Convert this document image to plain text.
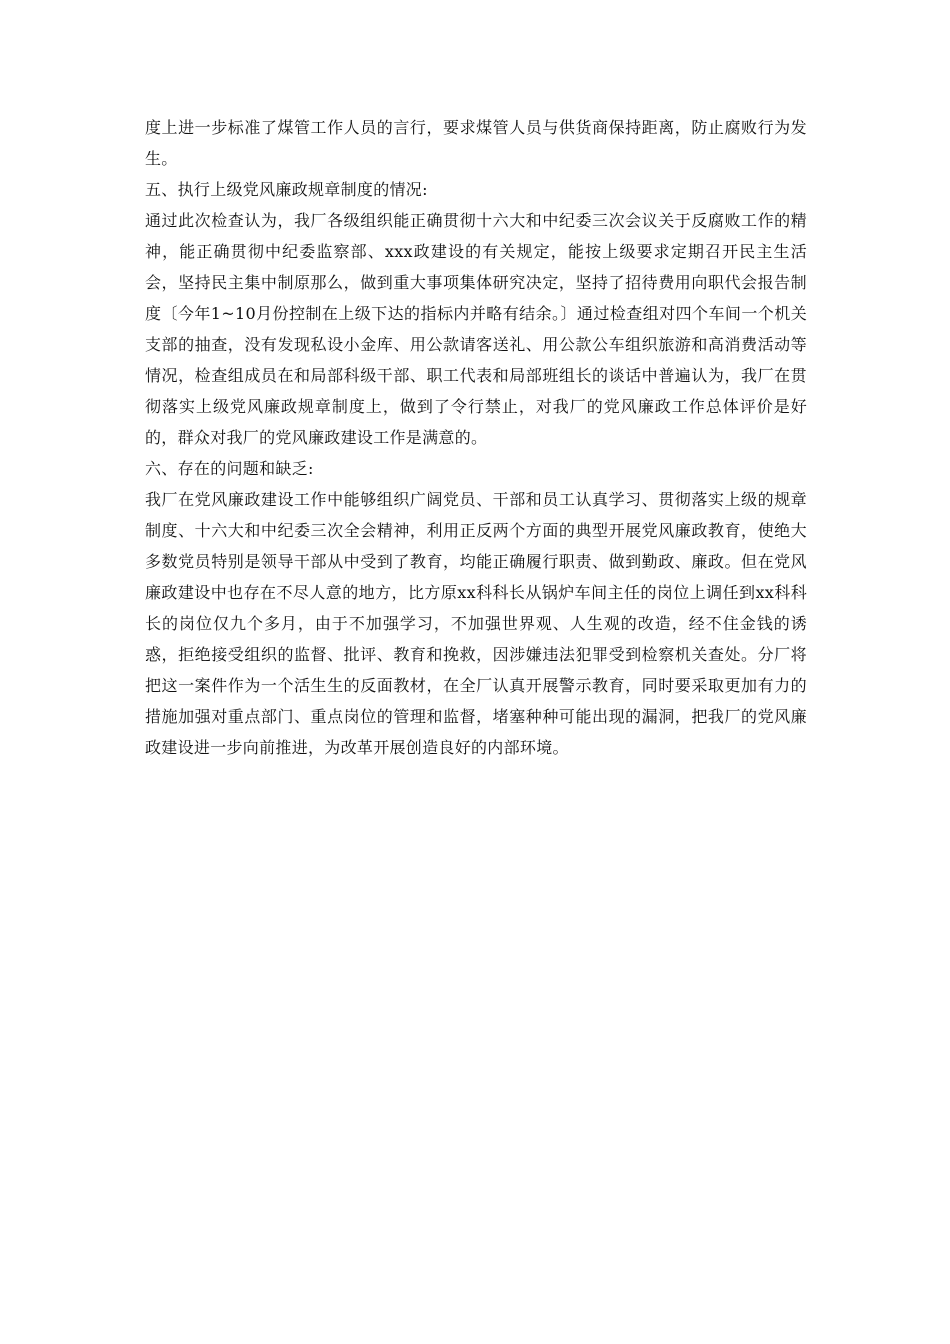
度上进一步标准了煤管工作人员的言行，要求煤管人员与供货商保持距离，防止腐败行为发生。

五、执行上级党风廉政规章制度的情况:

通过此次检查认为，我厂各级组织能正确贯彻十六大和中纪委三次会议关于反腐败工作的精神，能正确贯彻中纪委监察部、xxx政建设的有关规定，能按上级要求定期召开民主生活会，坚持民主集中制原那么，做到重大事项集体研究决定，坚持了招待费用向职代会报告制度〔今年1~10月份控制在上级下达的指标内并略有结余。〕通过检查组对四个车间一个机关支部的抽查，没有发现私设小金库、用公款请客送礼、用公款公车组织旅游和高消费活动等情况，检查组成员在和局部科级干部、职工代表和局部班组长的谈话中普遍认为，我厂在贯彻落实上级党风廉政规章制度上，做到了令行禁止，对我厂的党风廉政工作总体评价是好的，群众对我厂的党风廉政建设工作是满意的。

六、存在的问题和缺乏:

我厂在党风廉政建设工作中能够组织广阔党员、干部和员工认真学习、贯彻落实上级的规章制度、十六大和中纪委三次全会精神，利用正反两个方面的典型开展党风廉政教育，使绝大多数党员特别是领导干部从中受到了教育，均能正确履行职责、做到勤政、廉政。但在党风廉政建设中也存在不尽人意的地方，比方原xx科科长从锅炉车间主任的岗位上调任到xx科科长的岗位仅九个多月，由于不加强学习，不加强世界观、人生观的改造，经不住金钱的诱惑，拒绝接受组织的监督、批评、教育和挽救，因涉嫌违法犯罪受到检察机关查处。分厂将把这一案件作为一个活生生的反面教材，在全厂认真开展警示教育，同时要采取更加有力的措施加强对重点部门、重点岗位的管理和监督，堵塞种种可能出现的漏洞，把我厂的党风廉政建设进一步向前推进，为改革开展创造良好的内部环境。
